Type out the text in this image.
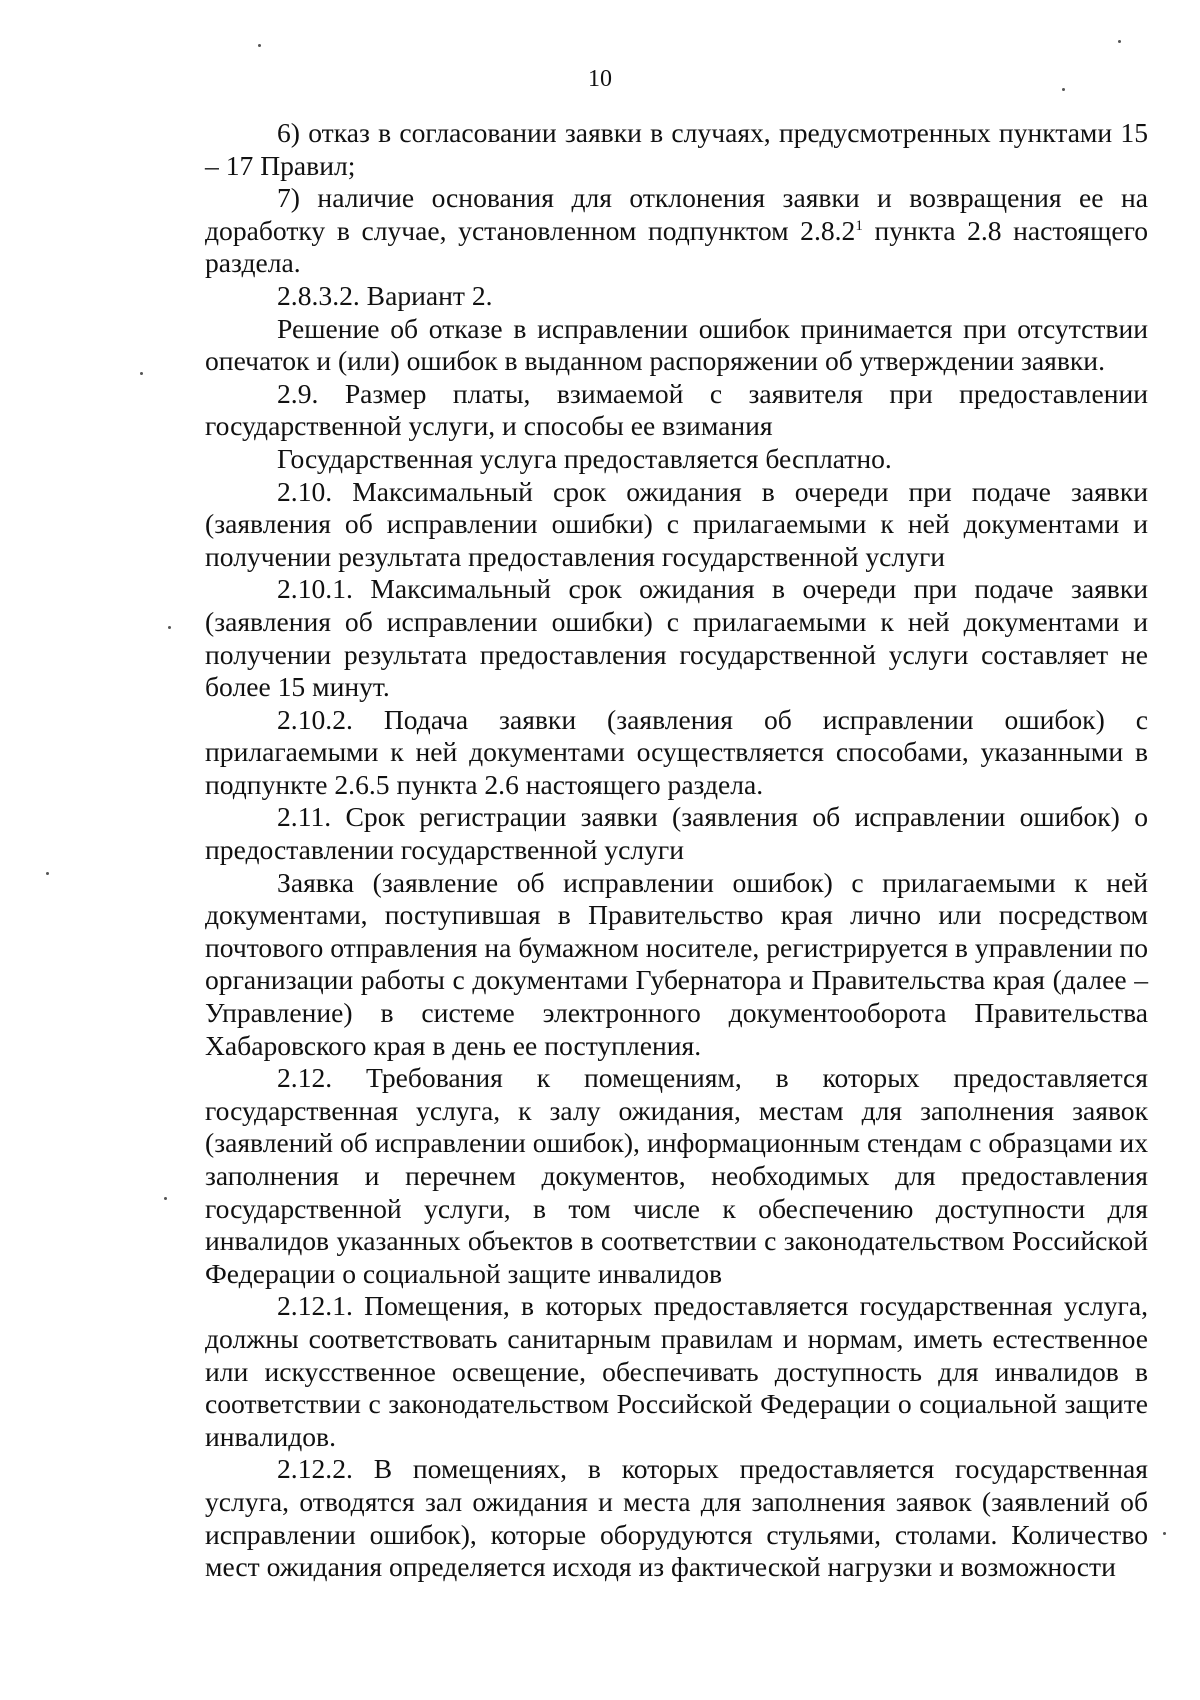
10

6) отказ в согласовании заявки в случаях, предусмотренных пунктами 15 – 17 Правил;

7) наличие основания для отклонения заявки и возвращения ее на доработку в случае, установленном подпунктом 2.8.2$^1$ пункта 2.8 настоящего раздела.

2.8.3.2. Вариант 2.

Решение об отказе в исправлении ошибок принимается при отсутствии опечаток и (или) ошибок в выданном распоряжении об утверждении заявки.

2.9. Размер платы, взимаемой с заявителя при предоставлении государственной услуги, и способы ее взимания

Государственная услуга предоставляется бесплатно.

2.10. Максимальный срок ожидания в очереди при подаче заявки (заявления об исправлении ошибки) с прилагаемыми к ней документами и получении результата предоставления государственной услуги

2.10.1. Максимальный срок ожидания в очереди при подаче заявки (заявления об исправлении ошибки) с прилагаемыми к ней документами и получении результата предоставления государственной услуги составляет не более 15 минут.

2.10.2. Подача заявки (заявления об исправлении ошибок) с прилагаемыми к ней документами осуществляется способами, указанными в подпункте 2.6.5 пункта 2.6 настоящего раздела.

2.11. Срок регистрации заявки (заявления об исправлении ошибок) о предоставлении государственной услуги

Заявка (заявление об исправлении ошибок) с прилагаемыми к ней документами, поступившая в Правительство края лично или посредством почтового отправления на бумажном носителе, регистрируется в управлении по организации работы с документами Губернатора и Правительства края (далее – Управление) в системе электронного документооборота Правительства Хабаровского края в день ее поступления.

2.12. Требования к помещениям, в которых предоставляется государственная услуга, к залу ожидания, местам для заполнения заявок (заявлений об исправлении ошибок), информационным стендам с образцами их заполнения и перечнем документов, необходимых для предоставления государственной услуги, в том числе к обеспечению доступности для инвалидов указанных объектов в соответствии с законодательством Российской Федерации о социальной защите инвалидов

2.12.1. Помещения, в которых предоставляется государственная услуга, должны соответствовать санитарным правилам и нормам, иметь естественное или искусственное освещение, обеспечивать доступность для инвалидов в соответствии с законодательством Российской Федерации о социальной защите инвалидов.

2.12.2. В помещениях, в которых предоставляется государственная услуга, отводятся зал ожидания и места для заполнения заявок (заявлений об исправлении ошибок), которые оборудуются стульями, столами. Количество мест ожидания определяется исходя из фактической нагрузки и возможности
